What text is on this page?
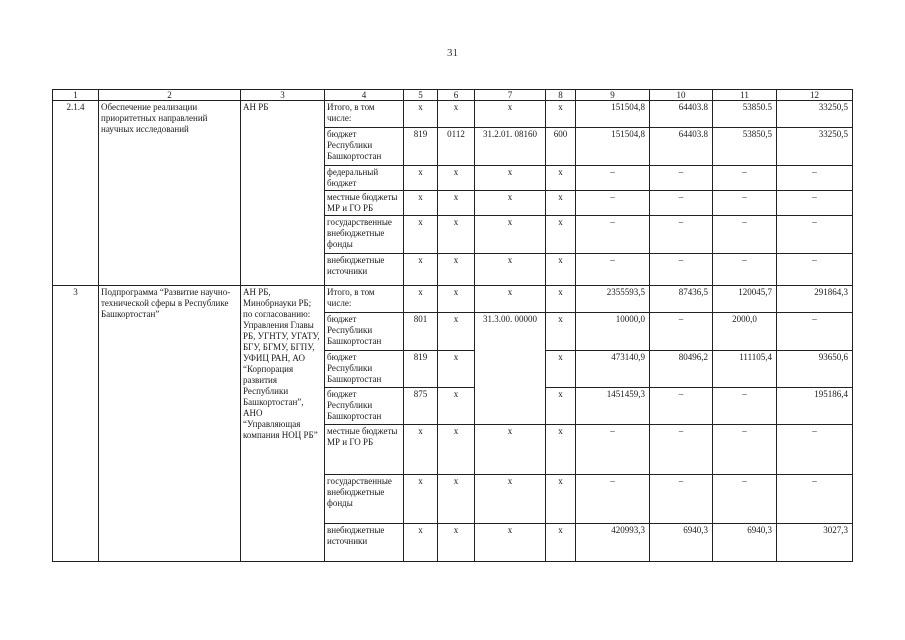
31
1	2	3	4	5	6	7	8	9	10	11	12
2.1.4	Обеспечение реализации приоритетных направлений научных исследований	АН РБ	Итого, в том числе:	x	x	x	x	151504,8	64403.8	53850.5	33250,5
			бюджет Республики Башкортостан	819	0112	31.2.01. 08160	600	151504,8	64403.8	53850,5	33250,5
			федеральный бюджет	x	x	x	x	–	–	–	–
			местные бюджеты МР и ГО РБ	x	x	x	x	–	–	–	–
			государственные внебюджетные фонды	x	x	x	x	–	–	–	–
			внебюджетные источники	x	x	x	x	–	–	–	–
3	Подпрограмма “Развитие научно-технической сферы в Республике Башкортостан”	АН РБ, Минобрнауки РБ; по согласованию: Управления Главы РБ, УГНТУ, УГАТУ, БГУ, БГМУ, БГПУ, УФИЦ РАН, АО “Корпорация развития Республики Башкортостан”, АНО “Управляющая компания НОЦ РБ”	Итого, в том числе:	x	x	x	x	2355593,5	87436,5	120045,7	291864,3
			бюджет Республики Башкортостан	801	x	31.3.00. 00000	x	10000,0	–	2000,0	–
			бюджет Республики Башкортостан	819	x		x	473140,9	80496,2	111105,4	93650,6
			бюджет Республики Башкортостан	875	x		x	1451459,3	–	–	195186,4
			местные бюджеты МР и ГО РБ	x	x	x	x	–	–	–	–
			государственные внебюджетные фонды	x	x	x	x	–	–	–	–
			внебюджетные источники	x	x	x	x	420993,3	6940,3	6940,3	3027,3
